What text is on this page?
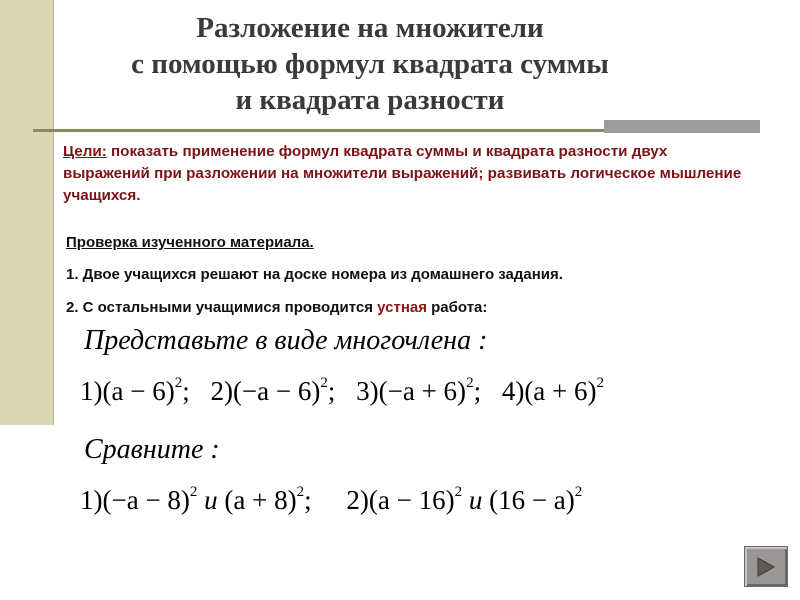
Разложение на множители
с помощью формул квадрата суммы
и квадрата разности
Цели: показать применение формул квадрата суммы и квадрата разности двух выражений при разложении на множители выражений; развивать логическое мышление учащихся.
Проверка изученного материала.
1. Двое учащихся решают на доске номера из домашнего задания.
2. С остальными учащимися проводится устная работа:
Представьте в виде многочлена :
$1)(a - 6)^2$; $2)(-a - 6)^2$; $3)(-a + 6)^2$; $4)(a + 6)^2$
Сравните :
$1)(-a - 8)^2$ и $(a + 8)^2$; $2)(a - 16)^2$ и $(16 - a)^2$
